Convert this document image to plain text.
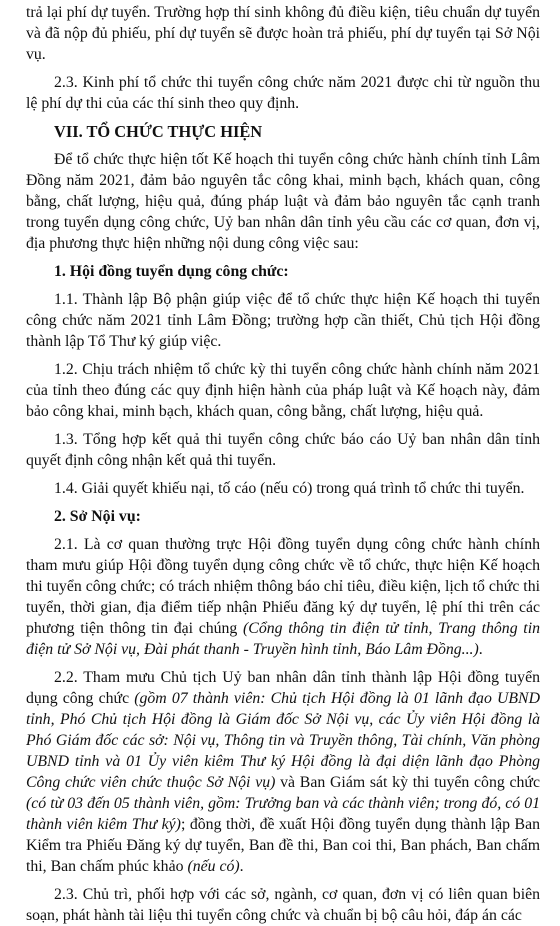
trả lại phí dự tuyển. Trường hợp thí sinh không đủ điều kiện, tiêu chuẩn dự tuyển và đã nộp đủ phiếu, phí dự tuyển sẽ được hoàn trả phiếu, phí dự tuyển tại Sở Nội vụ.

2.3. Kinh phí tổ chức thi tuyển công chức năm 2021 được chi từ nguồn thu lệ phí dự thi của các thí sinh theo quy định.

VII. TỔ CHỨC THỰC HIỆN

Để tổ chức thực hiện tốt Kế hoạch thi tuyển công chức hành chính tỉnh Lâm Đồng năm 2021, đảm bảo nguyên tắc công khai, minh bạch, khách quan, công bằng, chất lượng, hiệu quả, đúng pháp luật và đảm bảo nguyên tắc cạnh tranh trong tuyển dụng công chức, Uỷ ban nhân dân tỉnh yêu cầu các cơ quan, đơn vị, địa phương thực hiện những nội dung công việc sau:

1. Hội đồng tuyển dụng công chức:

1.1. Thành lập Bộ phận giúp việc để tổ chức thực hiện Kế hoạch thi tuyển công chức năm 2021 tỉnh Lâm Đồng; trường hợp cần thiết, Chủ tịch Hội đồng thành lập Tổ Thư ký giúp việc.

1.2. Chịu trách nhiệm tổ chức kỳ thi tuyển công chức hành chính năm 2021 của tỉnh theo đúng các quy định hiện hành của pháp luật và Kế hoạch này, đảm bảo công khai, minh bạch, khách quan, công bằng, chất lượng, hiệu quả.

1.3. Tổng hợp kết quả thi tuyển công chức báo cáo Uỷ ban nhân dân tỉnh quyết định công nhận kết quả thi tuyển.

1.4. Giải quyết khiếu nại, tố cáo (nếu có) trong quá trình tổ chức thi tuyển.

2. Sở Nội vụ:

2.1. Là cơ quan thường trực Hội đồng tuyển dụng công chức hành chính tham mưu giúp Hội đồng tuyển dụng công chức về tổ chức, thực hiện Kế hoạch thi tuyển công chức; có trách nhiệm thông báo chỉ tiêu, điều kiện, lịch tổ chức thi tuyển, thời gian, địa điểm tiếp nhận Phiếu đăng ký dự tuyển, lệ phí thi trên các phương tiện thông tin đại chúng (Cổng thông tin điện tử tỉnh, Trang thông tin điện tử Sở Nội vụ, Đài phát thanh - Truyền hình tỉnh, Báo Lâm Đồng...).

2.2. Tham mưu Chủ tịch Uỷ ban nhân dân tỉnh thành lập Hội đồng tuyển dụng công chức (gồm 07 thành viên: Chủ tịch Hội đồng là 01 lãnh đạo UBND tỉnh, Phó Chủ tịch Hội đồng là Giám đốc Sở Nội vụ, các Ủy viên Hội đồng là Phó Giám đốc các sở: Nội vụ, Thông tin và Truyền thông, Tài chính, Văn phòng UBND tỉnh và 01 Ủy viên kiêm Thư ký Hội đồng là đại diện lãnh đạo Phòng Công chức viên chức thuộc Sở Nội vụ) và Ban Giám sát kỳ thi tuyển công chức (có từ 03 đến 05 thành viên, gồm: Trưởng ban và các thành viên; trong đó, có 01 thành viên kiêm Thư ký); đồng thời, đề xuất Hội đồng tuyển dụng thành lập Ban Kiểm tra Phiếu Đăng ký dự tuyển, Ban đề thi, Ban coi thi, Ban phách, Ban chấm thi, Ban chấm phúc khảo (nếu có).

2.3. Chủ trì, phối hợp với các sở, ngành, cơ quan, đơn vị có liên quan biên soạn, phát hành tài liệu thi tuyển công chức và chuẩn bị bộ câu hỏi, đáp án các
